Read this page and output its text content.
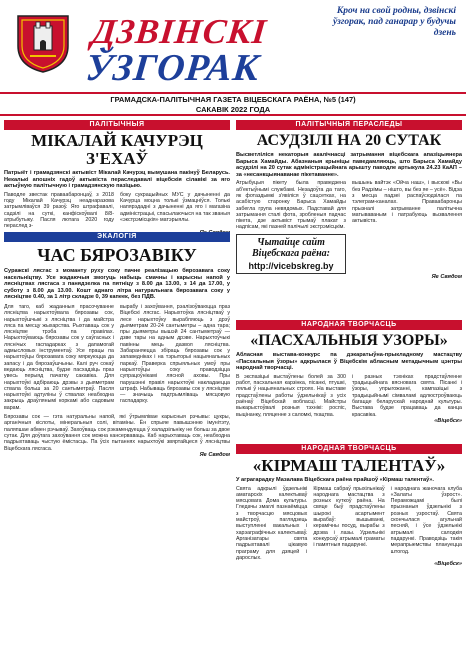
ДЗВІНСКІ
ЎЗГОРАК
Кроч на свой родны, дзвінскі ўзгорак, пад ганарар у будучы дзень
ГРАМАДСКА-ПАЛІТЫЧНАЯ ГАЗЕТА ВІЦЕБСКАГА РАЁНА, №5 (147)
САКАВІК 2022 ГОДА
ПАЛІТЫЧНЫЯ
МІКАЛАЙ КАЧУРЭЦ З'ЕХАЎ
Патрыёт і грамадзянскі актывіст Мікалай Качурэц вымушана пакінуў Беларусь. Некалькі апошніх гадоў актывіста пераследавалі віцебскія сілавікі за яго актыўную палітычную і грамадзянскую пазіцыю.
Паводле звестак праваабаронцаў, з 2018 году Мікалай Качурэц неаднаразова затрымліваўся 39 разоў. Яго штрафавалі, садзілі на суткі, канфіскоўвалі 8/8-атрыбутыку. Пасля лютага 2020 году пераслед з-
боку сукрацыйных МУС у дачыненні да Качурца моцна толькі ўзмацніўся. Толькі напярэдадні з дачыненні да яго і магазіна адміністрацыі, спасылаючыся на так званыя «экстрэмісцкія» матэрыялы.
ЭКАЛОГІЯ
ЧАС БЯРОЗАВІКУ
Суражскі лясгас з моманту руху соку пачне реалізацыю бярозавага соку насельніцтву. Усе жадаючыя змогуць набыць смачны і карысны напой у лясніцтвах лясгаса з панядзелка па пятніцу з 8.00 да 13.00, з 14 да 17.00, у суботу з 8.00 да 13.00. Кошт аднаго літра натуральнага бярозавага соку у лясніцтве 0.40, за 1 літр складзе 0, 39 капеек, без ПДВ.
Для таго, каб жаданныя прасочуванне лясніцтва нарыхтоўвала бярозавы сок, нарыхтоўшчыкі з лясніцтва і да майстра ляса па месцу жыхарства. Рыхтаваць сок у лясніцтве трэба па правілах. Нарыхтоўваюць бярозавы сок у саўгасных і ляснічых гаспадарках з дапамогай адмысловых інструментаў. Усе працы па нарыхтоўцы бярозавага соку мяркуюцца да запасу і да бярозаўшчыны. Калі руч сокаў ведаюць лясніцтва, будзе пасхадзіць праз увесь перыяд пачатку сакавіка. Для нарыхтоўкі адбіраюць дрэвы з дыяметрам ствала больш за 20 сантыметраў. Пасля нарыхтоўкі адтуліны ў ствалах неабходна закрыць драўлянымі коркамі або садовым варам.
вырабу і захоўвання, рэалізоўваюцца праз Віцебскі лясгас. Нарыхтоўка лясніцтваў у лесе нарыхтоўку вырабляюць з дрэў дыяметрам 20-24 сантыметры – адна тара; пры дыяметры вышэй 24 сантыметраў — дзве тары на адным дрэве. Нарыхтоўчыкі павінны мець дазвол лясніцтва. Забараняецца збіраць бярозавы сок у запаведніках і на тэрыторыі нацыянальных паркаў. Праверка спрыяльных умоў пры нарыхтоўцы соку праводзіцца супрацоўнікамі лясной аховы. Пры парушэнні правіл нарыхтоўкі накладаецца штраф. Набываць бярозавы сок у лясніцтве — значыць падтрымліваць мясцовую гаспадарку.
Бярозавы сок — гэта натуральны напой, які ўтрымлівае карысныя рэчывы: цукры, арганічныя кіслоты, мінеральныя солі, вітаміны. Ён спрыяе павышэнню імунітэту, паляпшае абмен рэчываў. Захоўваць сок рэкамендуецца ў халадзільніку не больш за двое сутак. Для доўгага захоўвання сок можна кансерваваць. Каб нарыхтаваць сок, неабходна падрыхтаваць чыстую ёмістасць. Па ўсіх пытаннях нарыхтоўкі звяртайцеся ў лясніцтвы Віцебскага лясгаса.
Яе Свядом
ПАЛІТЫЧНЫЯ ПЕРАСЛЕДЫ
АСУДЗІЛІ НА 20 СУТАК
Высветліліся некаторыя акалічнасці затрымання віцебскага апазіцыянера Барыса Хамайды. Абазнаныя крыніцы паведамляюць, што Барыса Хамайду асудзілі на 20 сутак адміністрацыйнага арышту паводле артыкула 24.23 КаАП – за «несанкцыянаванае пікетаванне».
Атрыбуцыя пікету была праведзена аб'ектыўнымі службамі. Незадоўга да таго, як фотаздымкі з'явіліся ў сацсетках, на асабістую старонку Барыса Хамайды забегла група невядомых. Падставай для затрымання сталі фота, зробленыя падчас пікета, дзе актывіст трымаў плакат з надпісам, які пазней палічылі экстрэмісцкім.
Чытайце сайт Віцебскага раёна:
http://vicebskreg.by
вышынь вайтэк «Ойча наш», і выскокі «Вы без Радзімы – нішто, вы без яе – усё». Відэа з месца падзеі распаўсюдзілася па тэлеграм-каналах. Праваабаронцы прызналі затрыманне палітычна матываваным і патрабуюць вызвалення актывіста.
Яе Свядом
НАРОДНАЯ ТВОРЧАСЦЬ
«ПАСХАЛЬНЫЯ УЗОРЫ»
Абласная выстава-конкурс па дэкаратыўна-прыкладному мастацтву «Пасхальныя ўзоры» адкрылася ў Віцебскім абласным метадычным цэнтры народнай творчасці.
В экспазіцыі выстаўлены болей за 300 работ, пасхальная карзінка, пісанкі, птушкі, лялькі ў нацыянальных строях. На выставе прадстаўлены работы ўдзельнікаў з усіх раёнаў Віцебскай вобласці. Майстры выкарыстоўвалі розныя тэхнікі: роспіс, выцінанку, пляценне з саломкі, ткацтва.
і разных тэхніках прадстаўленне традыцыйнага вясновага свята. Пісанкі і ўзоры, упрыгожанні, кампазіцыі з традыцыйнымі сімваламі адлюстроўваюць багацце беларускай народнай культуры. Выстава будзе працаваць да канца красавіка.
«Віцебск»
НАРОДНАЯ ТВОРЧАСЦЬ
«КІРМАШ ТАЛЕНТАЎ»
У аграгарадку Мазалава Віцебскага раёна прайшоў «Кірмаш талентаў».
Свята адкрылі ўдзельнікі аматарскіх калектываў мясцовага Дома культуры. Гледачы змаглі пазнаёміцца з творчасцю мясцовых майстроў, паглядзець выступленні вакальных і харэаграфічных калектываў. Арганізатары свята падрыхтавалі цікавую праграму для дзяцей і дарослых.
Кірмаш сабраў прыхільнікаў народнага мастацтва з розных куткоў раёна. На свяце быў прадстаўлены шырокі асартымент вырабаў: вышыванкі, керамічны посуд, вырабы з дрэва і лазы. Удзельнікі конкурсаў атрымалі граматы і памятныя падарункі.
і народнага жаночага клуба «Залаты ўзрост». Пераможцамі былі прызнаныя ўдзельнікі з розных узростаў. Свята скончылася агульнай песняй, і ўсе ўдзельнікі атрымалі салодкія падарункі. Праводзіць такія мерапрыемствы плануецца штогод.
«Віцебск»
